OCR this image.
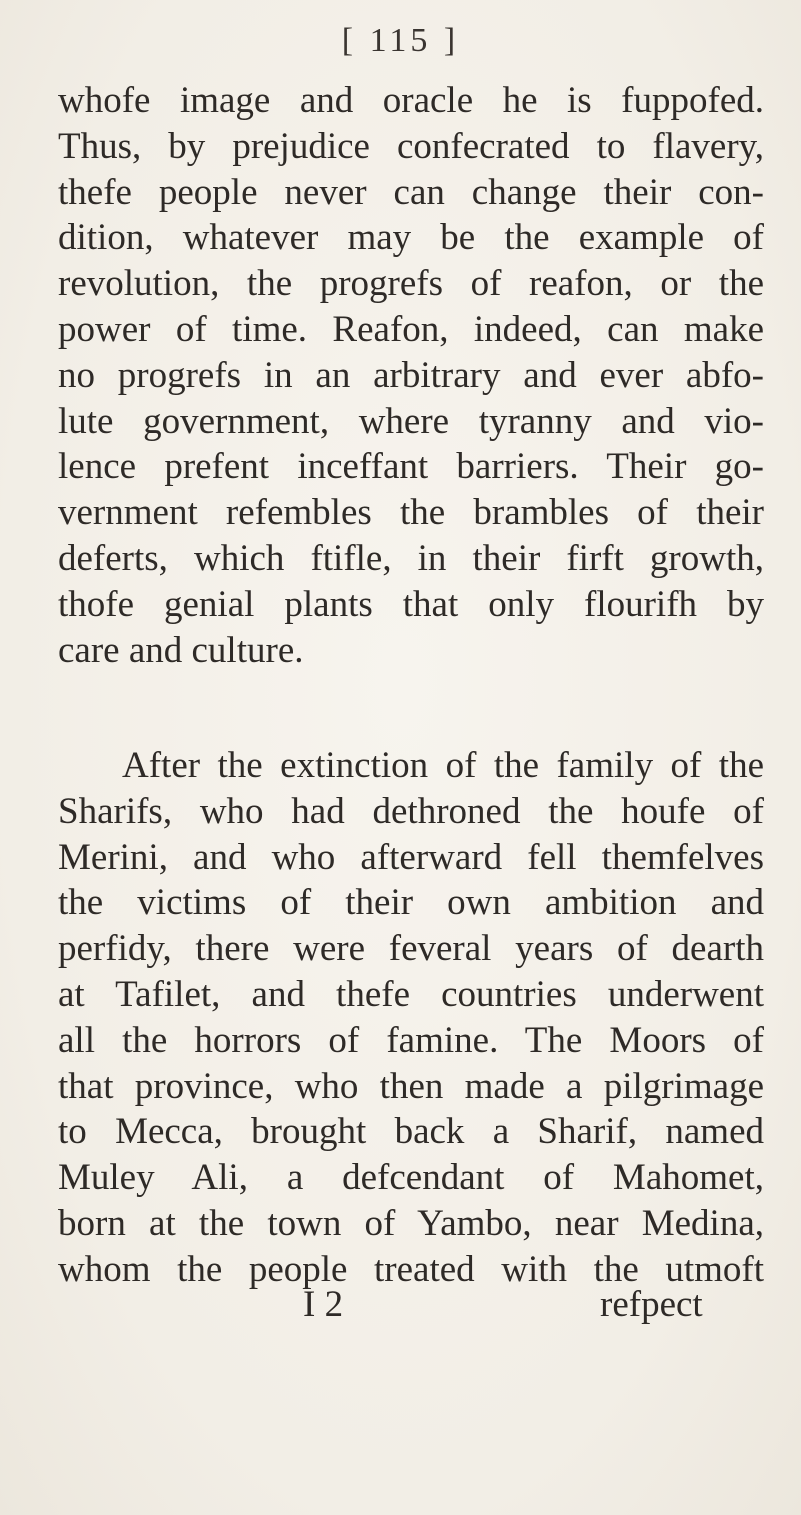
[ 115 ]
whofe image and oracle he is fuppofed.
Thus, by prejudice confecrated to flavery,
thefe people never can change their con-
dition, whatever may be the example of
revolution, the progrefs of reafon, or the
power of time. Reafon, indeed, can make
no progrefs in an arbitrary and ever abfo-
lute government, where tyranny and vio-
lence prefent inceffant barriers. Their go-
vernment refembles the brambles of their
deferts, which ftifle, in their firft growth,
thofe genial plants that only flourifh by
care and culture.
After the extinction of the family of the
Sharifs, who had dethroned the houfe of
Merini, and who afterward fell themfelves
the victims of their own ambition and
perfidy, there were feveral years of dearth
at Tafilet, and thefe countries underwent
all the horrors of famine. The Moors of
that province, who then made a pilgrimage
to Mecca, brought back a Sharif, named
Muley Ali, a defcendant of Mahomet,
born at the town of Yambo, near Medina,
whom the people treated with the utmoft
I 2	refpect
